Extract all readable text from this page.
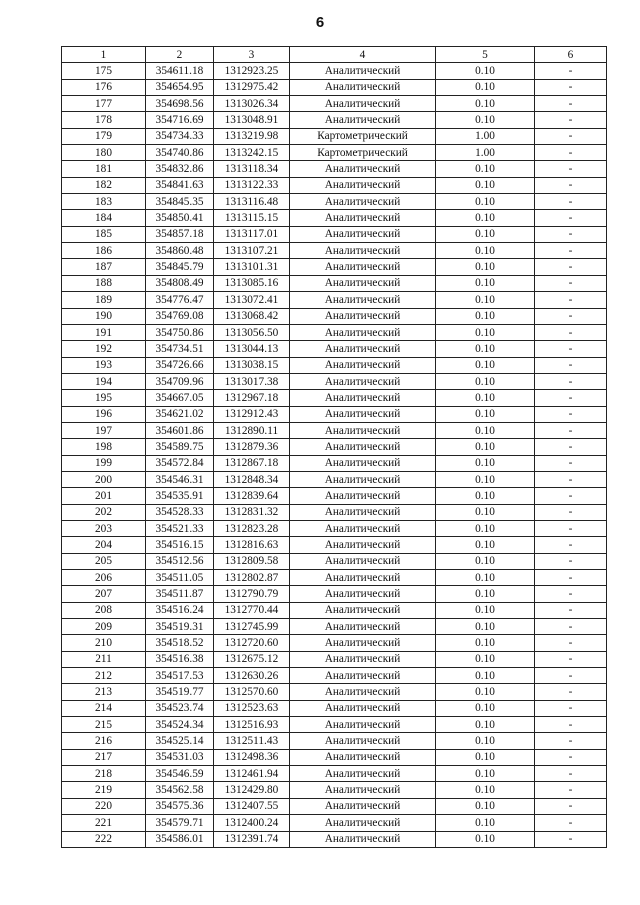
6
1	2	3	4	5	6
175	354611.18	1312923.25	Аналитический	0.10	-
176	354654.95	1312975.42	Аналитический	0.10	-
177	354698.56	1313026.34	Аналитический	0.10	-
178	354716.69	1313048.91	Аналитический	0.10	-
179	354734.33	1313219.98	Картометрический	1.00	-
180	354740.86	1313242.15	Картометрический	1.00	-
181	354832.86	1313118.34	Аналитический	0.10	-
182	354841.63	1313122.33	Аналитический	0.10	-
183	354845.35	1313116.48	Аналитический	0.10	-
184	354850.41	1313115.15	Аналитический	0.10	-
185	354857.18	1313117.01	Аналитический	0.10	-
186	354860.48	1313107.21	Аналитический	0.10	-
187	354845.79	1313101.31	Аналитический	0.10	-
188	354808.49	1313085.16	Аналитический	0.10	-
189	354776.47	1313072.41	Аналитический	0.10	-
190	354769.08	1313068.42	Аналитический	0.10	-
191	354750.86	1313056.50	Аналитический	0.10	-
192	354734.51	1313044.13	Аналитический	0.10	-
193	354726.66	1313038.15	Аналитический	0.10	-
194	354709.96	1313017.38	Аналитический	0.10	-
195	354667.05	1312967.18	Аналитический	0.10	-
196	354621.02	1312912.43	Аналитический	0.10	-
197	354601.86	1312890.11	Аналитический	0.10	-
198	354589.75	1312879.36	Аналитический	0.10	-
199	354572.84	1312867.18	Аналитический	0.10	-
200	354546.31	1312848.34	Аналитический	0.10	-
201	354535.91	1312839.64	Аналитический	0.10	-
202	354528.33	1312831.32	Аналитический	0.10	-
203	354521.33	1312823.28	Аналитический	0.10	-
204	354516.15	1312816.63	Аналитический	0.10	-
205	354512.56	1312809.58	Аналитический	0.10	-
206	354511.05	1312802.87	Аналитический	0.10	-
207	354511.87	1312790.79	Аналитический	0.10	-
208	354516.24	1312770.44	Аналитический	0.10	-
209	354519.31	1312745.99	Аналитический	0.10	-
210	354518.52	1312720.60	Аналитический	0.10	-
211	354516.38	1312675.12	Аналитический	0.10	-
212	354517.53	1312630.26	Аналитический	0.10	-
213	354519.77	1312570.60	Аналитический	0.10	-
214	354523.74	1312523.63	Аналитический	0.10	-
215	354524.34	1312516.93	Аналитический	0.10	-
216	354525.14	1312511.43	Аналитический	0.10	-
217	354531.03	1312498.36	Аналитический	0.10	-
218	354546.59	1312461.94	Аналитический	0.10	-
219	354562.58	1312429.80	Аналитический	0.10	-
220	354575.36	1312407.55	Аналитический	0.10	-
221	354579.71	1312400.24	Аналитический	0.10	-
222	354586.01	1312391.74	Аналитический	0.10	-
